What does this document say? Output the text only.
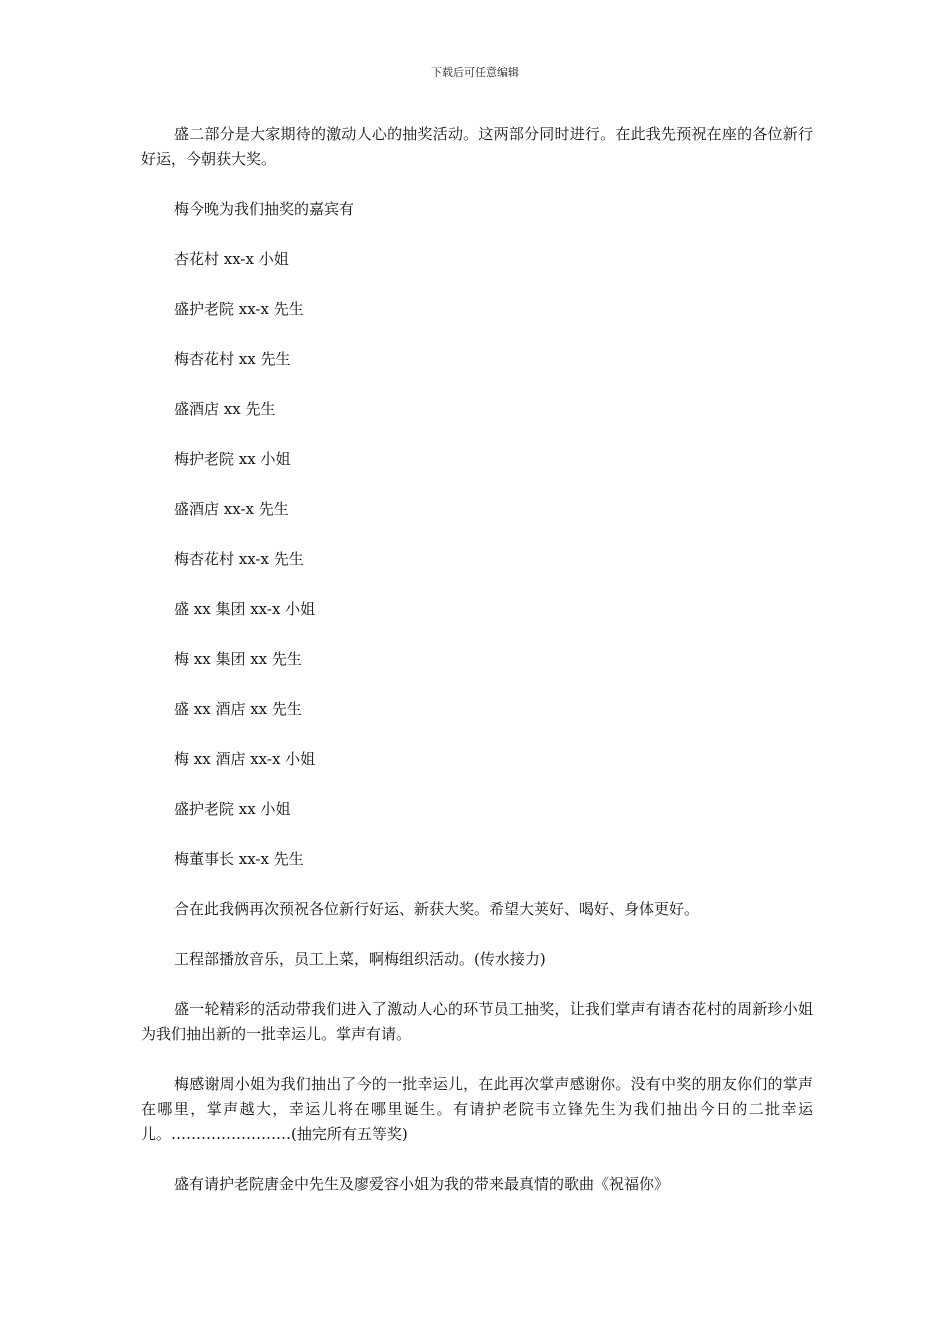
下载后可任意编辑

盛二部分是大家期待的激动人心的抽奖活动。这两部分同时进行。在此我先预祝在座的各位新行好运，今朝获大奖。

梅今晚为我们抽奖的嘉宾有

杏花村 xx-x 小姐

盛护老院 xx-x 先生

梅杏花村 xx 先生

盛酒店 xx 先生

梅护老院 xx 小姐

盛酒店 xx-x 先生

梅杏花村 xx-x 先生

盛 xx 集团 xx-x 小姐

梅 xx 集团 xx 先生

盛 xx 酒店 xx 先生

梅 xx 酒店 xx-x 小姐

盛护老院 xx 小姐

梅董事长 xx-x 先生

合在此我俩再次预祝各位新行好运、新获大奖。希望大荚好、喝好、身体更好。

工程部播放音乐，员工上菜，啊梅组织活动。(传水接力)

盛一轮精彩的活动带我们进入了激动人心的环节员工抽奖，让我们掌声有请杏花村的周新珍小姐为我们抽出新的一批幸运儿。掌声有请。

梅感谢周小姐为我们抽出了今的一批幸运儿，在此再次掌声感谢你。没有中奖的朋友你们的掌声在哪里，掌声越大，幸运儿将在哪里诞生。有请护老院韦立锋先生为我们抽出今日的二批幸运儿。……………………(抽完所有五等奖)

盛有请护老院唐金中先生及廖爱容小姐为我的带来最真情的歌曲《祝福你》
